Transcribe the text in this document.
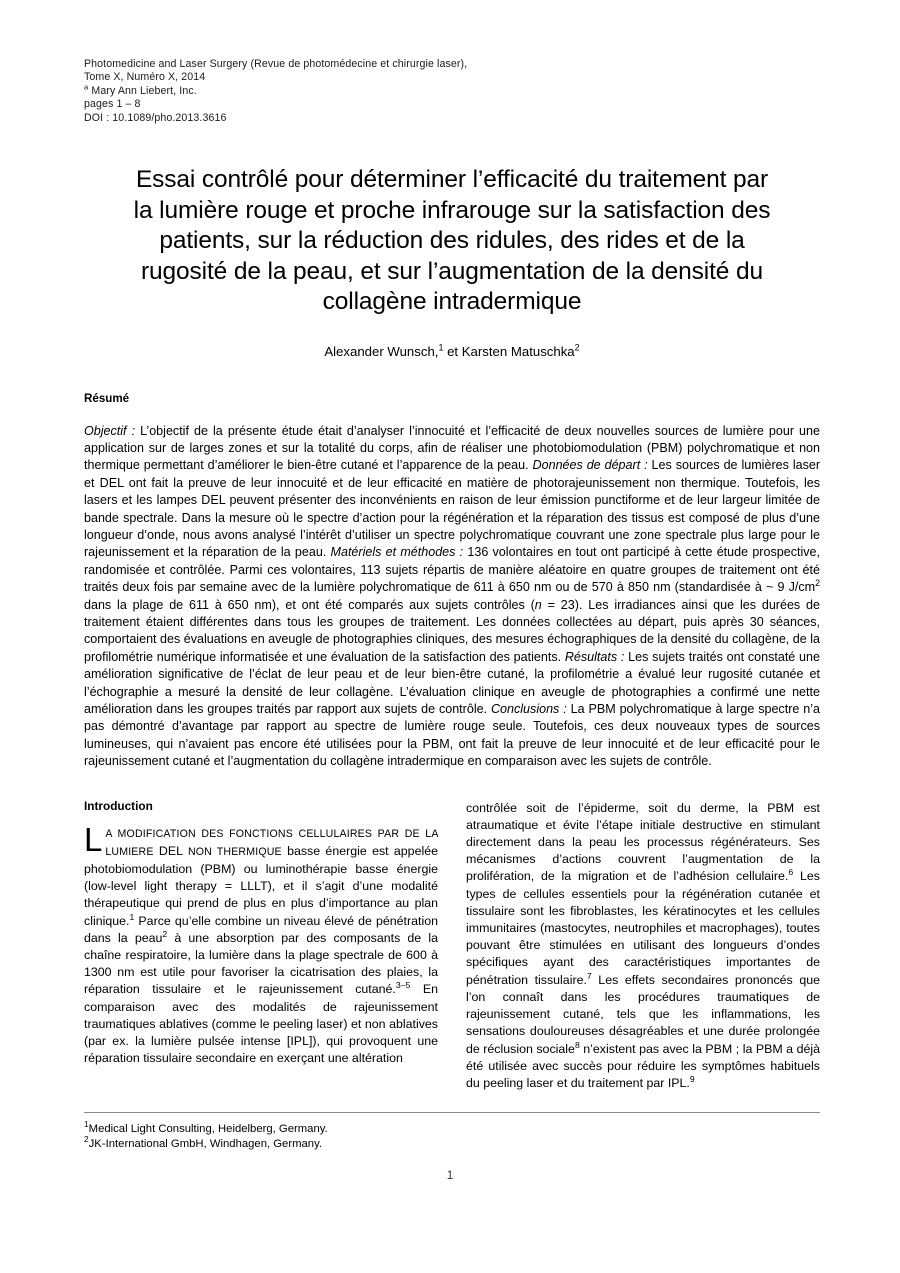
Photomedicine and Laser Surgery (Revue de photomédecine et chirurgie laser),
Tome X, Numéro X, 2014
$^a$ Mary Ann Liebert, Inc.
pages 1 – 8
DOI : 10.1089/pho.2013.3616
Essai contrôlé pour déterminer l’efficacité du traitement par la lumière rouge et proche infrarouge sur la satisfaction des patients, sur la réduction des ridules, des rides et de la rugosité de la peau, et sur l’augmentation de la densité du collagène intradermique
Alexander Wunsch,$^1$ et Karsten Matuschka$^2$
Résumé
Objectif : L’objectif de la présente étude était d’analyser l’innocuité et l’efficacité de deux nouvelles sources de lumière pour une application sur de larges zones et sur la totalité du corps, afin de réaliser une photobiomodulation (PBM) polychromatique et non thermique permettant d’améliorer le bien-être cutané et l’apparence de la peau. Données de départ : Les sources de lumières laser et DEL ont fait la preuve de leur innocuité et de leur efficacité en matière de photorajeunissement non thermique. Toutefois, les lasers et les lampes DEL peuvent présenter des inconvénients en raison de leur émission punctiforme et de leur largeur limitée de bande spectrale. Dans la mesure où le spectre d’action pour la régénération et la réparation des tissus est composé de plus d’une longueur d’onde, nous avons analysé l’intérêt d’utiliser un spectre polychromatique couvrant une zone spectrale plus large pour le rajeunissement et la réparation de la peau. Matériels et méthodes : 136 volontaires en tout ont participé à cette étude prospective, randomisée et contrôlée. Parmi ces volontaires, 113 sujets répartis de manière aléatoire en quatre groupes de traitement ont été traités deux fois par semaine avec de la lumière polychromatique de 611 à 650 nm ou de 570 à 850 nm (standardisée à ~ 9 $J/cm^2$ dans la plage de 611 à 650 nm), et ont été comparés aux sujets contrôles (n = 23). Les irradiances ainsi que les durées de traitement étaient différentes dans tous les groupes de traitement. Les données collectées au départ, puis après 30 séances, comportaient des évaluations en aveugle de photographies cliniques, des mesures échographiques de la densité du collagène, de la profilométrie numérique informatisée et une évaluation de la satisfaction des patients. Résultats : Les sujets traités ont constaté une amélioration significative de l’éclat de leur peau et de leur bien-être cutané, la profilométrie a évalué leur rugosité cutanée et l’échographie a mesuré la densité de leur collagène. L’évaluation clinique en aveugle de photographies a confirmé une nette amélioration dans les groupes traités par rapport aux sujets de contrôle. Conclusions : La PBM polychromatique à large spectre n’a pas démontré d’avantage par rapport au spectre de lumière rouge seule. Toutefois, ces deux nouveaux types de sources lumineuses, qui n’avaient pas encore été utilisées pour la PBM, ont fait la preuve de leur innocuité et de leur efficacité pour le rajeunissement cutané et l’augmentation du collagène intradermique en comparaison avec les sujets de contrôle.
Introduction
L A MODIFICATION DES FONCTIONS CELLULAIRES PAR DE LA LUMIERE DEL NON THERMIQUE basse énergie est appelée photobiomodulation (PBM) ou luminothérapie basse énergie (low-level light therapy = LLLT), et il s’agit d’une modalité thérapeutique qui prend de plus en plus d’importance au plan clinique.$^1$ Parce qu’elle combine un niveau élevé de pénétration dans la peau$^2$ à une absorption par des composants de la chaîne respiratoire, la lumière dans la plage spectrale de 600 à 1300 nm est utile pour favoriser la cicatrisation des plaies, la réparation tissulaire et le rajeunissement cutané.$^{3-5}$ En comparaison avec des modalités de rajeunissement traumatiques ablatives (comme le peeling laser) et non ablatives (par ex. la lumière pulsée intense [IPL]), qui provoquent une réparation tissulaire secondaire en exerçant une altération
contrôlée soit de l’épiderme, soit du derme, la PBM est atraumatique et évite l’étape initiale destructive en stimulant directement dans la peau les processus régénérateurs. Ses mécanismes d’actions couvrent l’augmentation de la prolifération, de la migration et de l’adhésion cellulaire.$^6$ Les types de cellules essentiels pour la régénération cutanée et tissulaire sont les fibroblastes, les kératinocytes et les cellules immunitaires (mastocytes, neutrophiles et macrophages), toutes pouvant être stimulées en utilisant des longueurs d’ondes spécifiques ayant des caractéristiques importantes de pénétration tissulaire.$^7$ Les effets secondaires prononcés que l’on connaît dans les procédures traumatiques de rajeunissement cutané, tels que les inflammations, les sensations douloureuses désagréables et une durée prolongée de réclusion sociale$^8$ n’existent pas avec la PBM ; la PBM a déjà été utilisée avec succès pour réduire les symptômes habituels du peeling laser et du traitement par IPL.$^9$
$^1$Medical Light Consulting, Heidelberg, Germany.
$^2$JK-International GmbH, Windhagen, Germany.
1
